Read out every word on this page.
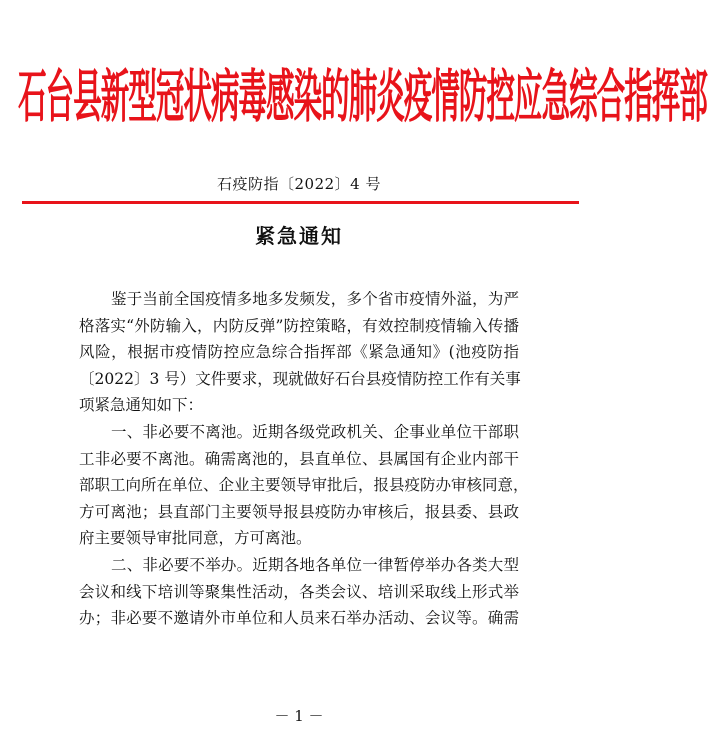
石台县新型冠状病毒感染的肺炎疫情防控应急综合指挥部
石疫防指〔2022〕4 号
紧急通知
鉴于当前全国疫情多地多发频发，多个省市疫情外溢，为严
格落实“外防输入，内防反弹”防控策略，有效控制疫情输入传播
风险，根据市疫情防控应急综合指挥部《紧急通知》(池疫防指
〔2022〕3 号）文件要求，现就做好石台县疫情防控工作有关事
项紧急通知如下：
一、非必要不离池。近期各级党政机关、企事业单位干部职
工非必要不离池。确需离池的，县直单位、县属国有企业内部干
部职工向所在单位、企业主要领导审批后，报县疫防办审核同意，
方可离池；县直部门主要领导报县疫防办审核后，报县委、县政
府主要领导审批同意，方可离池。
二、非必要不举办。近期各地各单位一律暂停举办各类大型
会议和线下培训等聚集性活动，各类会议、培训采取线上形式举
办；非必要不邀请外市单位和人员来石举办活动、会议等。确需
－ 1 －
